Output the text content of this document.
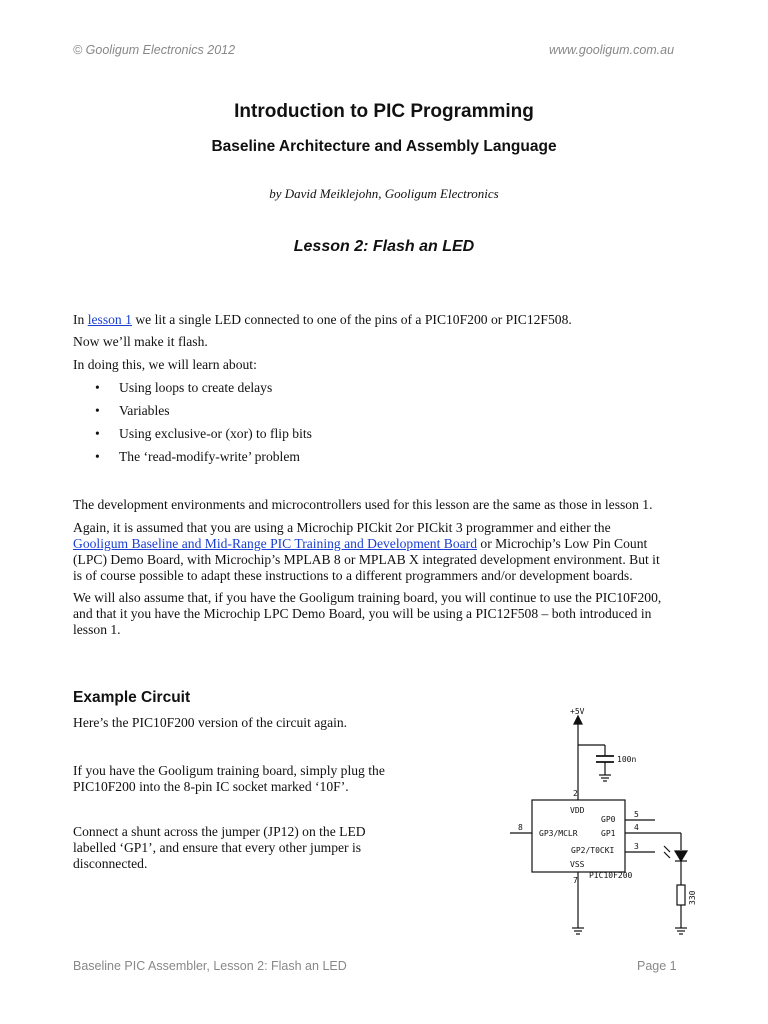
© Gooligum Electronics 2012	www.gooligum.com.au
Introduction to PIC Programming
Baseline Architecture and Assembly Language
by David Meiklejohn, Gooligum Electronics
Lesson 2: Flash an LED
In lesson 1 we lit a single LED connected to one of the pins of a PIC10F200 or PIC12F508.
Now we’ll make it flash.
In doing this, we will learn about:
• Using loops to create delays
• Variables
• Using exclusive-or (xor) to flip bits
• The ‘read-modify-write’ problem
The development environments and microcontrollers used for this lesson are the same as those in lesson 1.
Again, it is assumed that you are using a Microchip PICkit 2or PICkit 3 programmer and either the
Gooligum Baseline and Mid-Range PIC Training and Development Board or Microchip’s Low Pin Count
(LPC) Demo Board, with Microchip’s MPLAB 8 or MPLAB X integrated development environment. But it
is of course possible to adapt these instructions to a different programmers and/or development boards.
We will also assume that, if you have the Gooligum training board, you will continue to use the PIC10F200,
and that it you have the Microchip LPC Demo Board, you will be using a PIC12F508 – both introduced in
lesson 1.
Example Circuit
Here’s the PIC10F200 version of the circuit again.
If you have the Gooligum training board, simply plug the
PIC10F200 into the 8-pin IC socket marked ‘10F’.
Connect a shunt across the jumper (JP12) on the LED
labelled ‘GP1’, and ensure that every other jumper is
disconnected.
+5V
100n
VDD
GP0
GP3/MCLR	GP1
GP2/T0CKI
VSS
2
5
8	4
3
7
PIC10F200
330
Baseline PIC Assembler, Lesson 2: Flash an LED	Page 1
